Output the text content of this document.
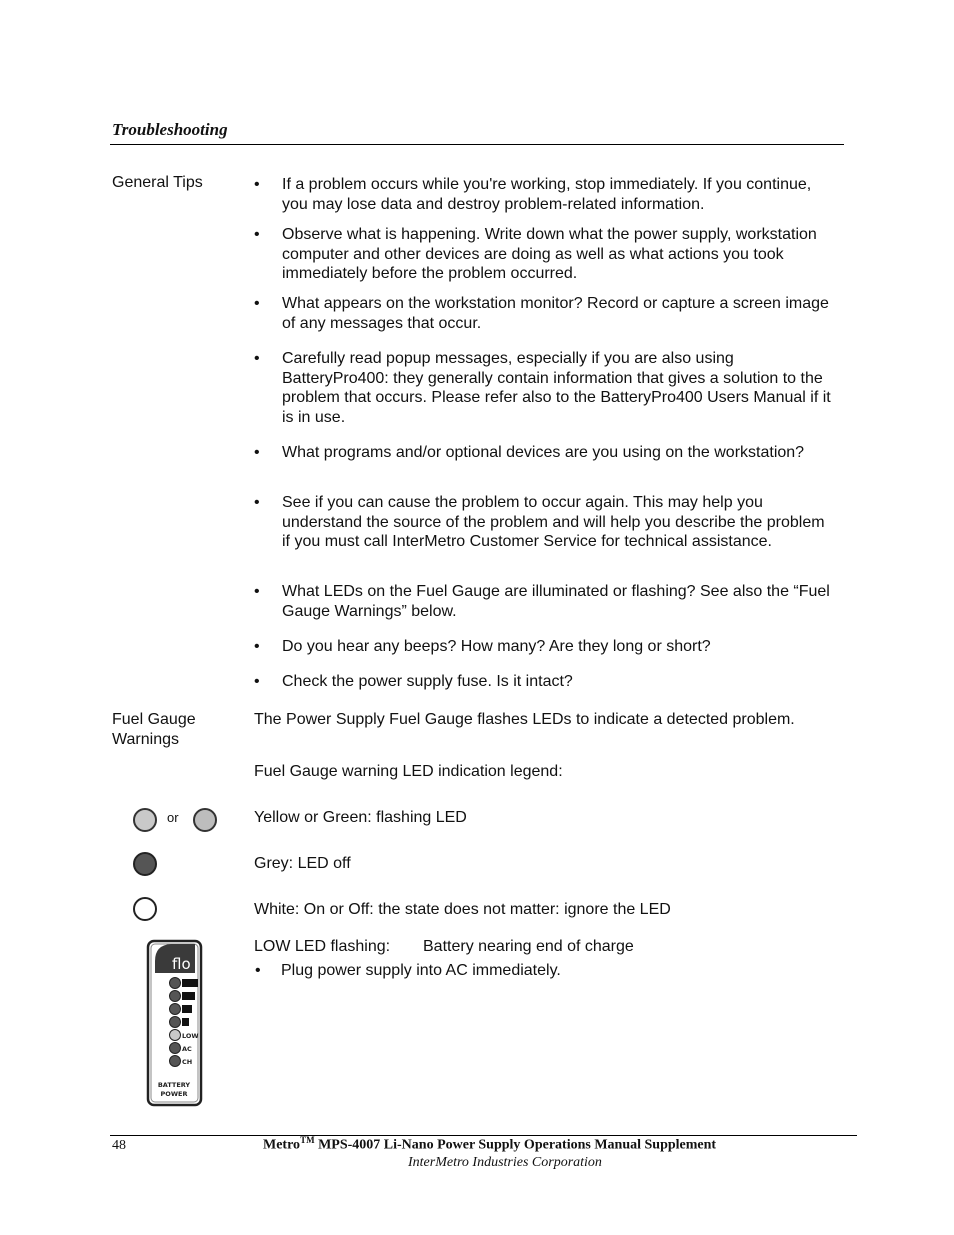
Troubleshooting
General Tips	• If a problem occurs while you're working, stop immediately. If you continue, you may lose data and destroy problem-related information.
• Observe what is happening. Write down what the power supply, workstation computer and other devices are doing as well as what actions you took immediately before the problem occurred.
• What appears on the workstation monitor? Record or capture a screen image of any messages that occur.
• Carefully read popup messages, especially if you are also using BatteryPro400: they generally contain information that gives a solution to the problem that occurs. Please refer also to the BatteryPro400 Users Manual if it is in use.
• What programs and/or optional devices are you using on the workstation?
• See if you can cause the problem to occur again. This may help you understand the source of the problem and will help you describe the problem if you must call InterMetro Customer Service for technical assistance.
• What LEDs on the Fuel Gauge are illuminated or flashing? See also the “Fuel Gauge Warnings” below.
• Do you hear any beeps? How many? Are they long or short?
• Check the power supply fuse. Is it intact?
Fuel Gauge
Warnings
The Power Supply Fuel Gauge flashes LEDs to indicate a detected problem.
Fuel Gauge warning LED indication legend:
or	Yellow or Green: flashing LED
Grey: LED off
White: On or Off: the state does not matter: ignore the LED
LOW LED flashing: Battery nearing end of charge
• Plug power supply into AC immediately.
flo
LOW
AC
CH
BATTERY
POWER
48	Metro™ MPS-4007 Li-Nano Power Supply Operations Manual Supplement
InterMetro Industries Corporation
